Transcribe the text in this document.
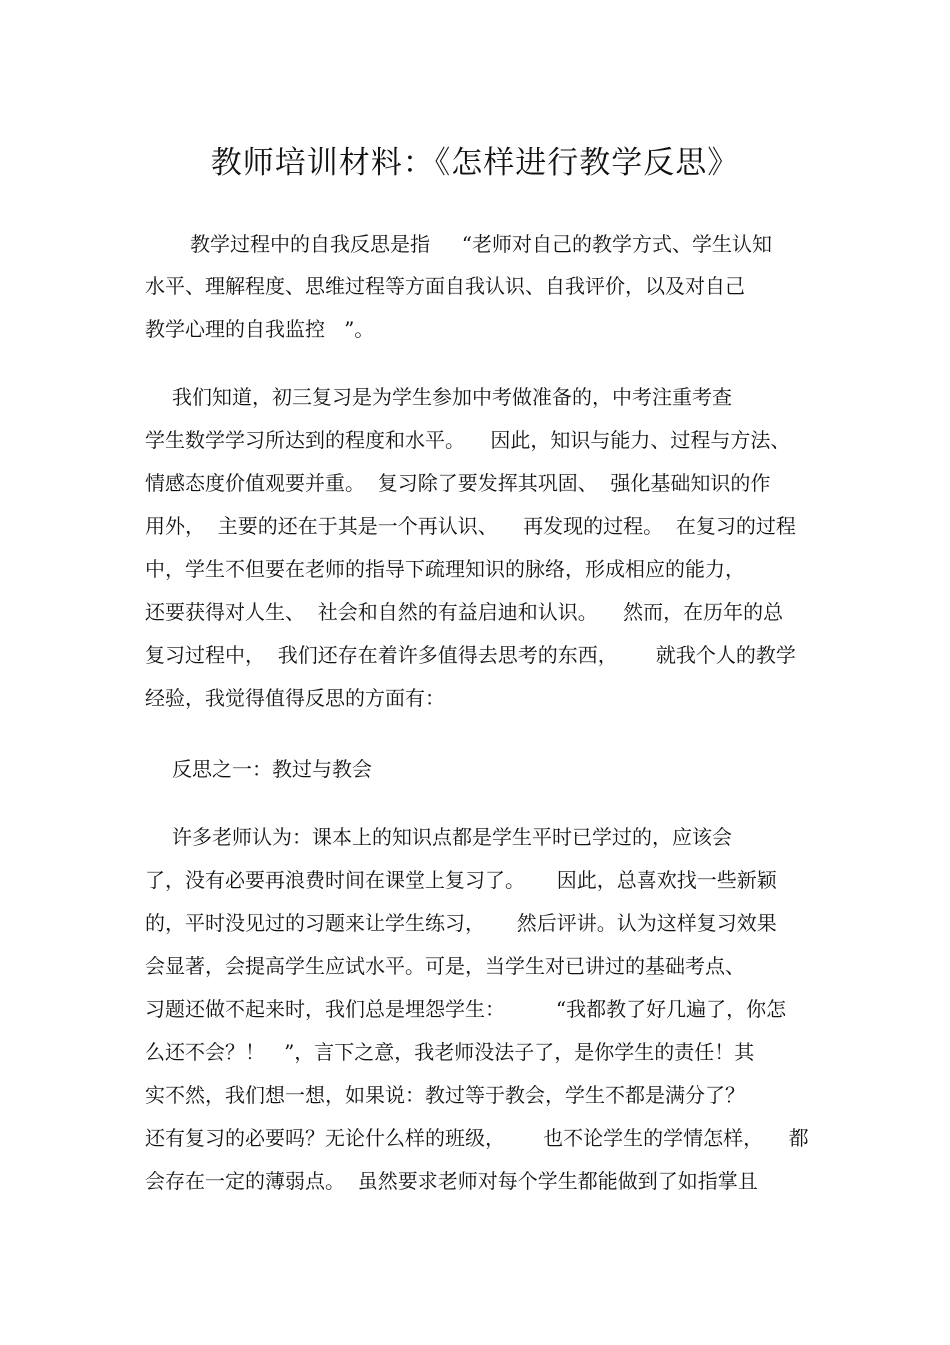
教师培训材料：《怎样进行教学反思》
教学过程中的自我反思是指     “老师对自己的教学方式、学生认知
水平、理解程度、思维过程等方面自我认识、自我评价，以及对自己
教学心理的自我监控   ”。
我们知道，初三复习是为学生参加中考做准备的，中考注重考查
学生数学学习所达到的程度和水平。    因此，知识与能力、过程与方法、
情感态度价值观要并重。  复习除了要发挥其巩固、  强化基础知识的作
用外，  主要的还在于其是一个再认识、    再发现的过程。  在复习的过程
中，学生不但要在老师的指导下疏理知识的脉络，形成相应的能力，
还要获得对人生、  社会和自然的有益启迪和认识。    然而，在历年的总
复习过程中，  我们还存在着许多值得去思考的东西，      就我个人的教学
经验，我觉得值得反思的方面有：
反思之一：教过与教会
许多老师认为：课本上的知识点都是学生平时已学过的，应该会
了，没有必要再浪费时间在课堂上复习了。     因此，总喜欢找一些新颖
的，平时没见过的习题来让学生练习，     然后评讲。认为这样复习效果
会显著，会提高学生应试水平。可是，当学生对已讲过的基础考点、
习题还做不起来时，我们总是埋怨学生：        “我都教了好几遍了，你怎
么还不会？！   ”，言下之意，我老师没法子了，是你学生的责任！其
实不然，我们想一想，如果说：教过等于教会，学生不都是满分了？
还有复习的必要吗？无论什么样的班级，      也不论学生的学情怎样，    都
会存在一定的薄弱点。  虽然要求老师对每个学生都能做到了如指掌且
